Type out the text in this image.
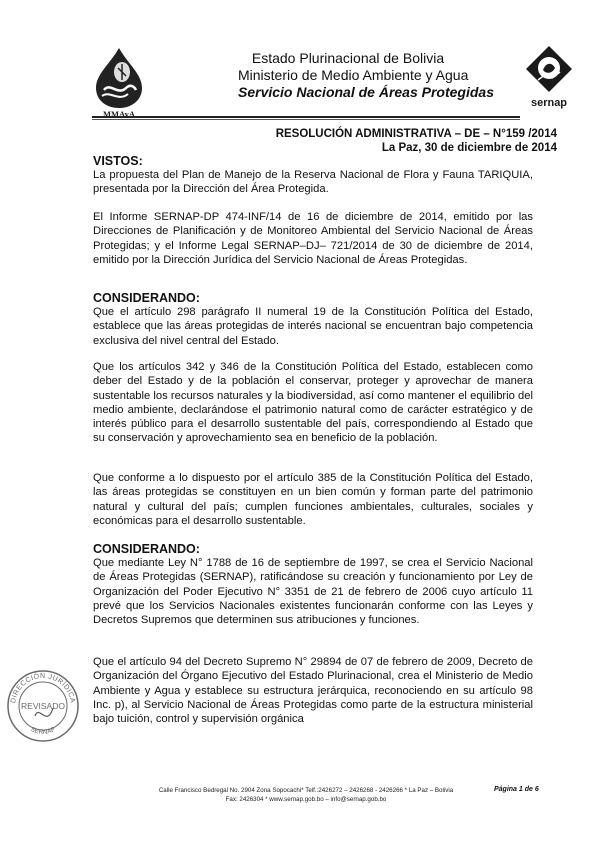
MMAyA
sernap
Estado Plurinacional de Bolivia
Ministerio de Medio Ambiente y Agua
Servicio Nacional de Áreas Protegidas
RESOLUCIÓN ADMINISTRATIVA – DE – N°159 /2014
La Paz, 30 de diciembre de 2014
VISTOS:

La propuesta del Plan de Manejo de la Reserva Nacional de Flora y Fauna TARIQUIA, presentada por la Dirección del Área Protegida.

El Informe SERNAP-DP 474-INF/14 de 16 de diciembre de 2014, emitido por las Direcciones de Planificación y de Monitoreo Ambiental del Servicio Nacional de Áreas Protegidas; y el Informe Legal SERNAP–DJ– 721/2014 de 30 de diciembre de 2014, emitido por la Dirección Jurídica del Servicio Nacional de Áreas Protegidas.

CONSIDERANDO:

Que el artículo 298 parágrafo II numeral 19 de la Constitución Política del Estado, establece que las áreas protegidas de interés nacional se encuentran bajo competencia exclusiva del nivel central del Estado.

Que los artículos 342 y 346 de la Constitución Política del Estado, establecen como deber del Estado y de la población el conservar, proteger y aprovechar de manera sustentable los recursos naturales y la biodiversidad, así como mantener el equilibrio del medio ambiente, declarándose el patrimonio natural como de carácter estratégico y de interés público para el desarrollo sustentable del país, correspondiendo al Estado que su conservación y aprovechamiento sea en beneficio de la población.

Que conforme a lo dispuesto por el artículo 385 de la Constitución Política del Estado, las áreas protegidas se constituyen en un bien común y forman parte del patrimonio natural y cultural del país; cumplen funciones ambientales, culturales, sociales y económicas para el desarrollo sustentable.

CONSIDERANDO:

Que mediante Ley N° 1788 de 16 de septiembre de 1997, se crea el Servicio Nacional de Áreas Protegidas (SERNAP), ratificándose su creación y funcionamiento por Ley de Organización del Poder Ejecutivo N° 3351 de 21 de febrero de 2006 cuyo artículo 11 prevé que los Servicios Nacionales existentes funcionarán conforme con las Leyes y Decretos Supremos que determinen sus atribuciones y funciones.

Que el artículo 94 del Decreto Supremo N° 29894 de 07 de febrero de 2009, Decreto de Organización del Órgano Ejecutivo del Estado Plurinacional, crea el Ministerio de Medio Ambiente y Agua y establece su estructura jerárquica, reconociendo en su artículo 98 Inc. p), al Servicio Nacional de Áreas Protegidas como parte de la estructura ministerial bajo tuición, control y supervisión orgánica

DIRECCIÓN JURÍDICA
REVISADO
SERNAP
Calle Francisco Bedregal No. 2904 Zona Sopocachi* Telf.:2426272 – 2426268 - 2426266 * La Paz – Bolivia
Fax: 2426304 * www.sernap.gob.bo – info@sernap.gob.bo
Página 1 de 6
